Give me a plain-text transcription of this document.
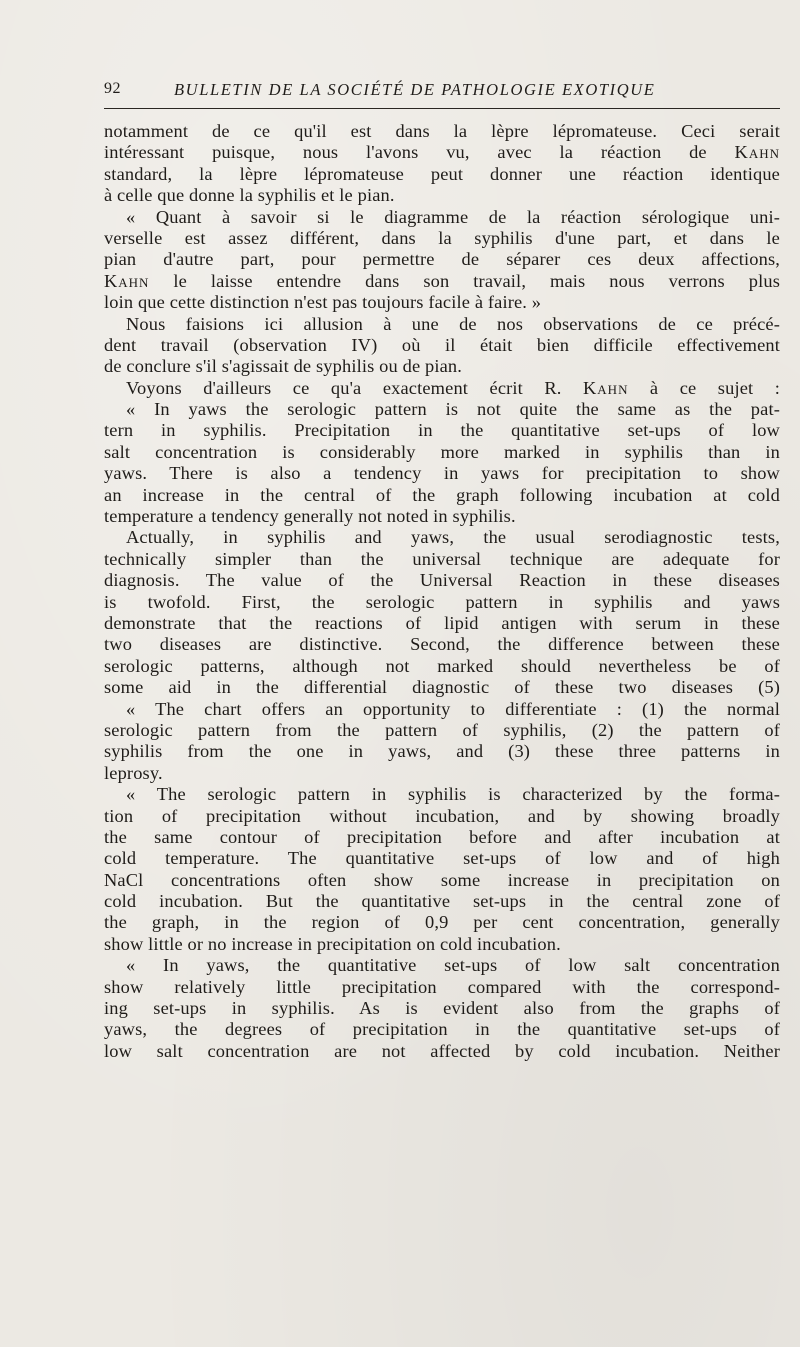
92	BULLETIN DE LA SOCIÉTÉ DE PATHOLOGIE EXOTIQUE
notamment de ce qu'il est dans la lèpre lépromateuse. Ceci serait
intéressant puisque, nous l'avons vu, avec la réaction de Kahn
standard, la lèpre lépromateuse peut donner une réaction identique
à celle que donne la syphilis et le pian.
« Quant à savoir si le diagramme de la réaction sérologique uni-
verselle est assez différent, dans la syphilis d'une part, et dans le
pian d'autre part, pour permettre de séparer ces deux affections,
Kahn le laisse entendre dans son travail, mais nous verrons plus
loin que cette distinction n'est pas toujours facile à faire. »
Nous faisions ici allusion à une de nos observations de ce précé-
dent travail (observation IV) où il était bien difficile effectivement
de conclure s'il s'agissait de syphilis ou de pian.
Voyons d'ailleurs ce qu'a exactement écrit R. Kahn à ce sujet :
« In yaws the serologic pattern is not quite the same as the pat-
tern in syphilis. Precipitation in the quantitative set-ups of low
salt concentration is considerably more marked in syphilis than in
yaws. There is also a tendency in yaws for precipitation to show
an increase in the central of the graph following incubation at cold
temperature a tendency generally not noted in syphilis.
Actually, in syphilis and yaws, the usual serodiagnostic tests,
technically simpler than the universal technique are adequate for
diagnosis. The value of the Universal Reaction in these diseases
is twofold. First, the serologic pattern in syphilis and yaws
demonstrate that the reactions of lipid antigen with serum in these
two diseases are distinctive. Second, the difference between these
serologic patterns, although not marked should nevertheless be of
some aid in the differential diagnostic of these two diseases (5)
« The chart offers an opportunity to differentiate : (1) the normal
serologic pattern from the pattern of syphilis, (2) the pattern of
syphilis from the one in yaws, and (3) these three patterns in
leprosy.
« The serologic pattern in syphilis is characterized by the forma-
tion of precipitation without incubation, and by showing broadly
the same contour of precipitation before and after incubation at
cold temperature. The quantitative set-ups of low and of high
NaCl concentrations often show some increase in precipitation on
cold incubation. But the quantitative set-ups in the central zone of
the graph, in the region of 0,9 per cent concentration, generally
show little or no increase in precipitation on cold incubation.
« In yaws, the quantitative set-ups of low salt concentration
show relatively little precipitation compared with the correspond-
ing set-ups in syphilis. As is evident also from the graphs of
yaws, the degrees of precipitation in the quantitative set-ups of
low salt concentration are not affected by cold incubation. Neither
